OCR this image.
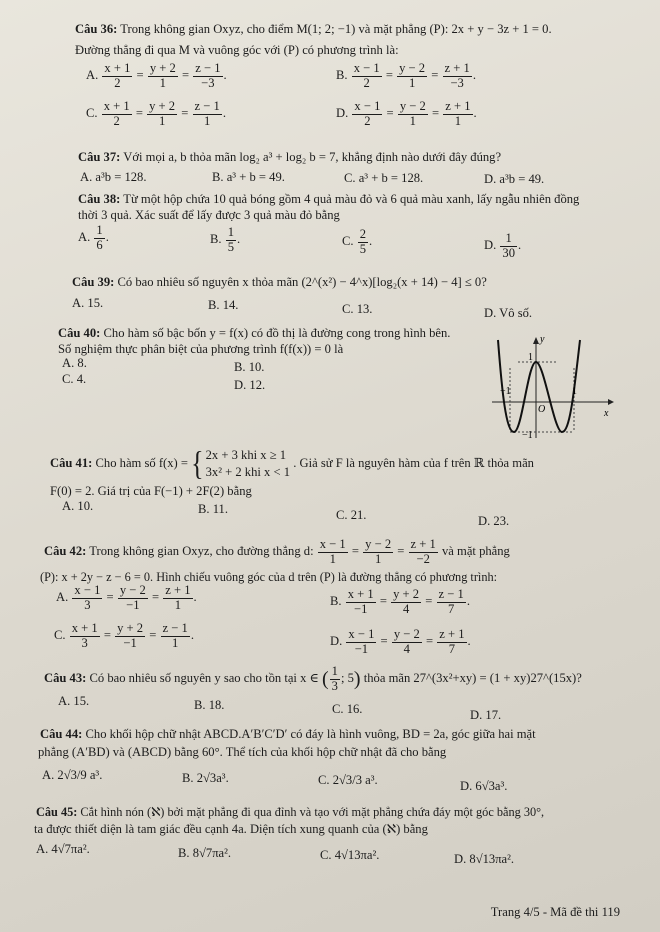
Câu 36: Trong không gian Oxyz, cho điểm M(1; 2; −1) và mặt phẳng (P): 2x + y − 3z + 1 = 0.
Đường thẳng đi qua M và vuông góc với (P) có phương trình là:
A. $\frac{x + 1}{2} = \frac{y + 2}{1} = \frac{z - 1}{-3}$ .	B. $\frac{x - 1}{2} = \frac{y - 2}{1} = \frac{z + 1}{-3}$ .
C. $\frac{x + 1}{2} = \frac{y + 2}{1} = \frac{z - 1}{1}$ .	D. $\frac{x - 1}{2} = \frac{y - 2}{1} = \frac{z + 1}{1}$ .
Câu 37: Với mọi a, b thỏa mãn log₂ a³ + log₂ b = 7, khẳng định nào dưới đây đúng?
A. a³b = 128.	B. a³ + b = 49.	C. a³ + b = 128.	D. a³b = 49.
Câu 38: Từ một hộp chứa 10 quả bóng gồm 4 quả màu đỏ và 6 quả màu xanh, lấy ngẫu nhiên đồng
thời 3 quả. Xác suất để lấy được 3 quả màu đỏ bằng
A. $\frac{1}{6}$ .	B. $\frac{1}{5}$ .	C. $\frac{2}{5}$ .	D. $\frac{1}{30}$ .
Câu 39: Có bao nhiêu số nguyên x thỏa mãn (2^(x²) − 4^x)[log₂(x + 14) − 4] ≤ 0?
A. 15.	B. 14.	C. 13.	D. Vô số.
Câu 40: Cho hàm số bậc bốn y = f(x) có đồ thị là đường cong trong hình bên.
Số nghiệm thực phân biệt của phương trình f(f(x)) = 0 là
A. 8.	B. 10.
C. 4.	D. 12.
y
x
O
1
−1
−1	1
Câu 41: Cho hàm số f(x) = { 2x + 3 khi x ≥ 1
3x² + 2 khi x < 1
. Giả sử F là nguyên hàm của f trên ℝ thỏa mãn
F(0) = 2. Giá trị của F(−1) + 2F(2) bằng
A. 10.	B. 11.	C. 21.	D. 23.
Câu 42: Trong không gian Oxyz, cho đường thẳng d: $\frac{x - 1}{1} = \frac{y - 2}{1} = \frac{z + 1}{-2}$ và mặt phẳng
(P): x + 2y − z − 6 = 0. Hình chiếu vuông góc của d trên (P) là đường thẳng có phương trình:
A. $\frac{x - 1}{3} = \frac{y - 2}{-1} = \frac{z + 1}{1}$ .	B. $\frac{x + 1}{-1} = \frac{y + 2}{4} = \frac{z - 1}{7}$ .
C. $\frac{x + 1}{3} = \frac{y + 2}{-1} = \frac{z - 1}{1}$ .	D. $\frac{x - 1}{-1} = \frac{y - 2}{4} = \frac{z + 1}{7}$ .
Câu 43: Có bao nhiêu số nguyên y sao cho tồn tại x ∈ ( $\frac{1}{3}$ ; 5) thỏa mãn 27^(3x²+xy) = (1 + xy)27^(15x)?
A. 15.	B. 18.	C. 16.	D. 17.
Câu 44: Cho khối hộp chữ nhật ABCD.A′B′C′D′ có đáy là hình vuông, BD = 2a, góc giữa hai mặt
phẳng (A′BD) và (ABCD) bằng 60°. Thể tích của khối hộp chữ nhật đã cho bằng
A. 2√3/9 a³.	B. 2√3a³.	C. 2√3/3 a³.	D. 6√3a³.
Câu 45: Cắt hình nón (ℵ) bởi mặt phẳng đi qua đỉnh và tạo với mặt phẳng chứa đáy một góc bằng 30°,
ta được thiết diện là tam giác đều cạnh 4a. Diện tích xung quanh của (ℵ) bằng
A. 4√7πa².	B. 8√7πa².	C. 4√13πa².	D. 8√13πa².
Trang 4/5 - Mã đề thi 119
